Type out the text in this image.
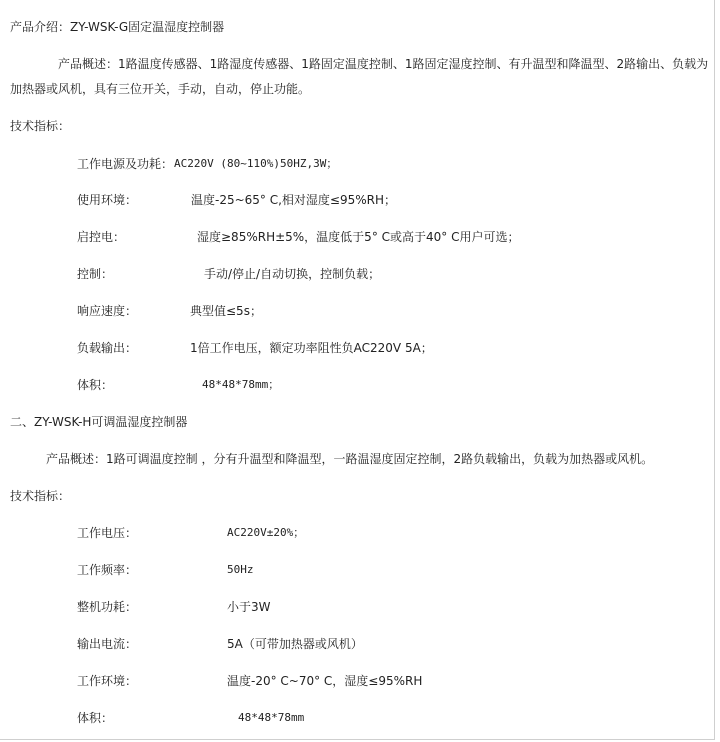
产品介绍：ZY-WSK-G固定温湿度控制器
产品概述：1路温度传感器、1路湿度传感器、1路固定温度控制、1路固定湿度控制、有升温型和降温型、2路输出、负载为
加热器或风机，具有三位开关，手动，自动，停止功能。
技术指标：
工作电源及功耗： AC220V (80~110%)50HZ,3W；
使用环境：	温度-25~65° C,相对湿度≤95%RH；
启控电：	湿度≥85%RH±5%，温度低于5° C或高于40° C用户可选；
控制：	手动/停止/自动切换，控制负载；
响应速度：	典型值≤5s；
负载输出：	1倍工作电压，额定功率阻性负AC220V 5A；
体积：	48*48*78mm；
二、ZY-WSK-H可调温湿度控制器
产品概述：1路可调温度控制 ，分有升温型和降温型，一路温湿度固定控制，2路负载输出，负载为加热器或风机。
技术指标：
工作电压：	AC220V±20%；
工作频率：	50Hz
整机功耗：	小于3W
输出电流：	5A（可带加热器或风机）
工作环境：	温度-20° C~70° C，湿度≤95%RH
体积：	48*48*78mm
